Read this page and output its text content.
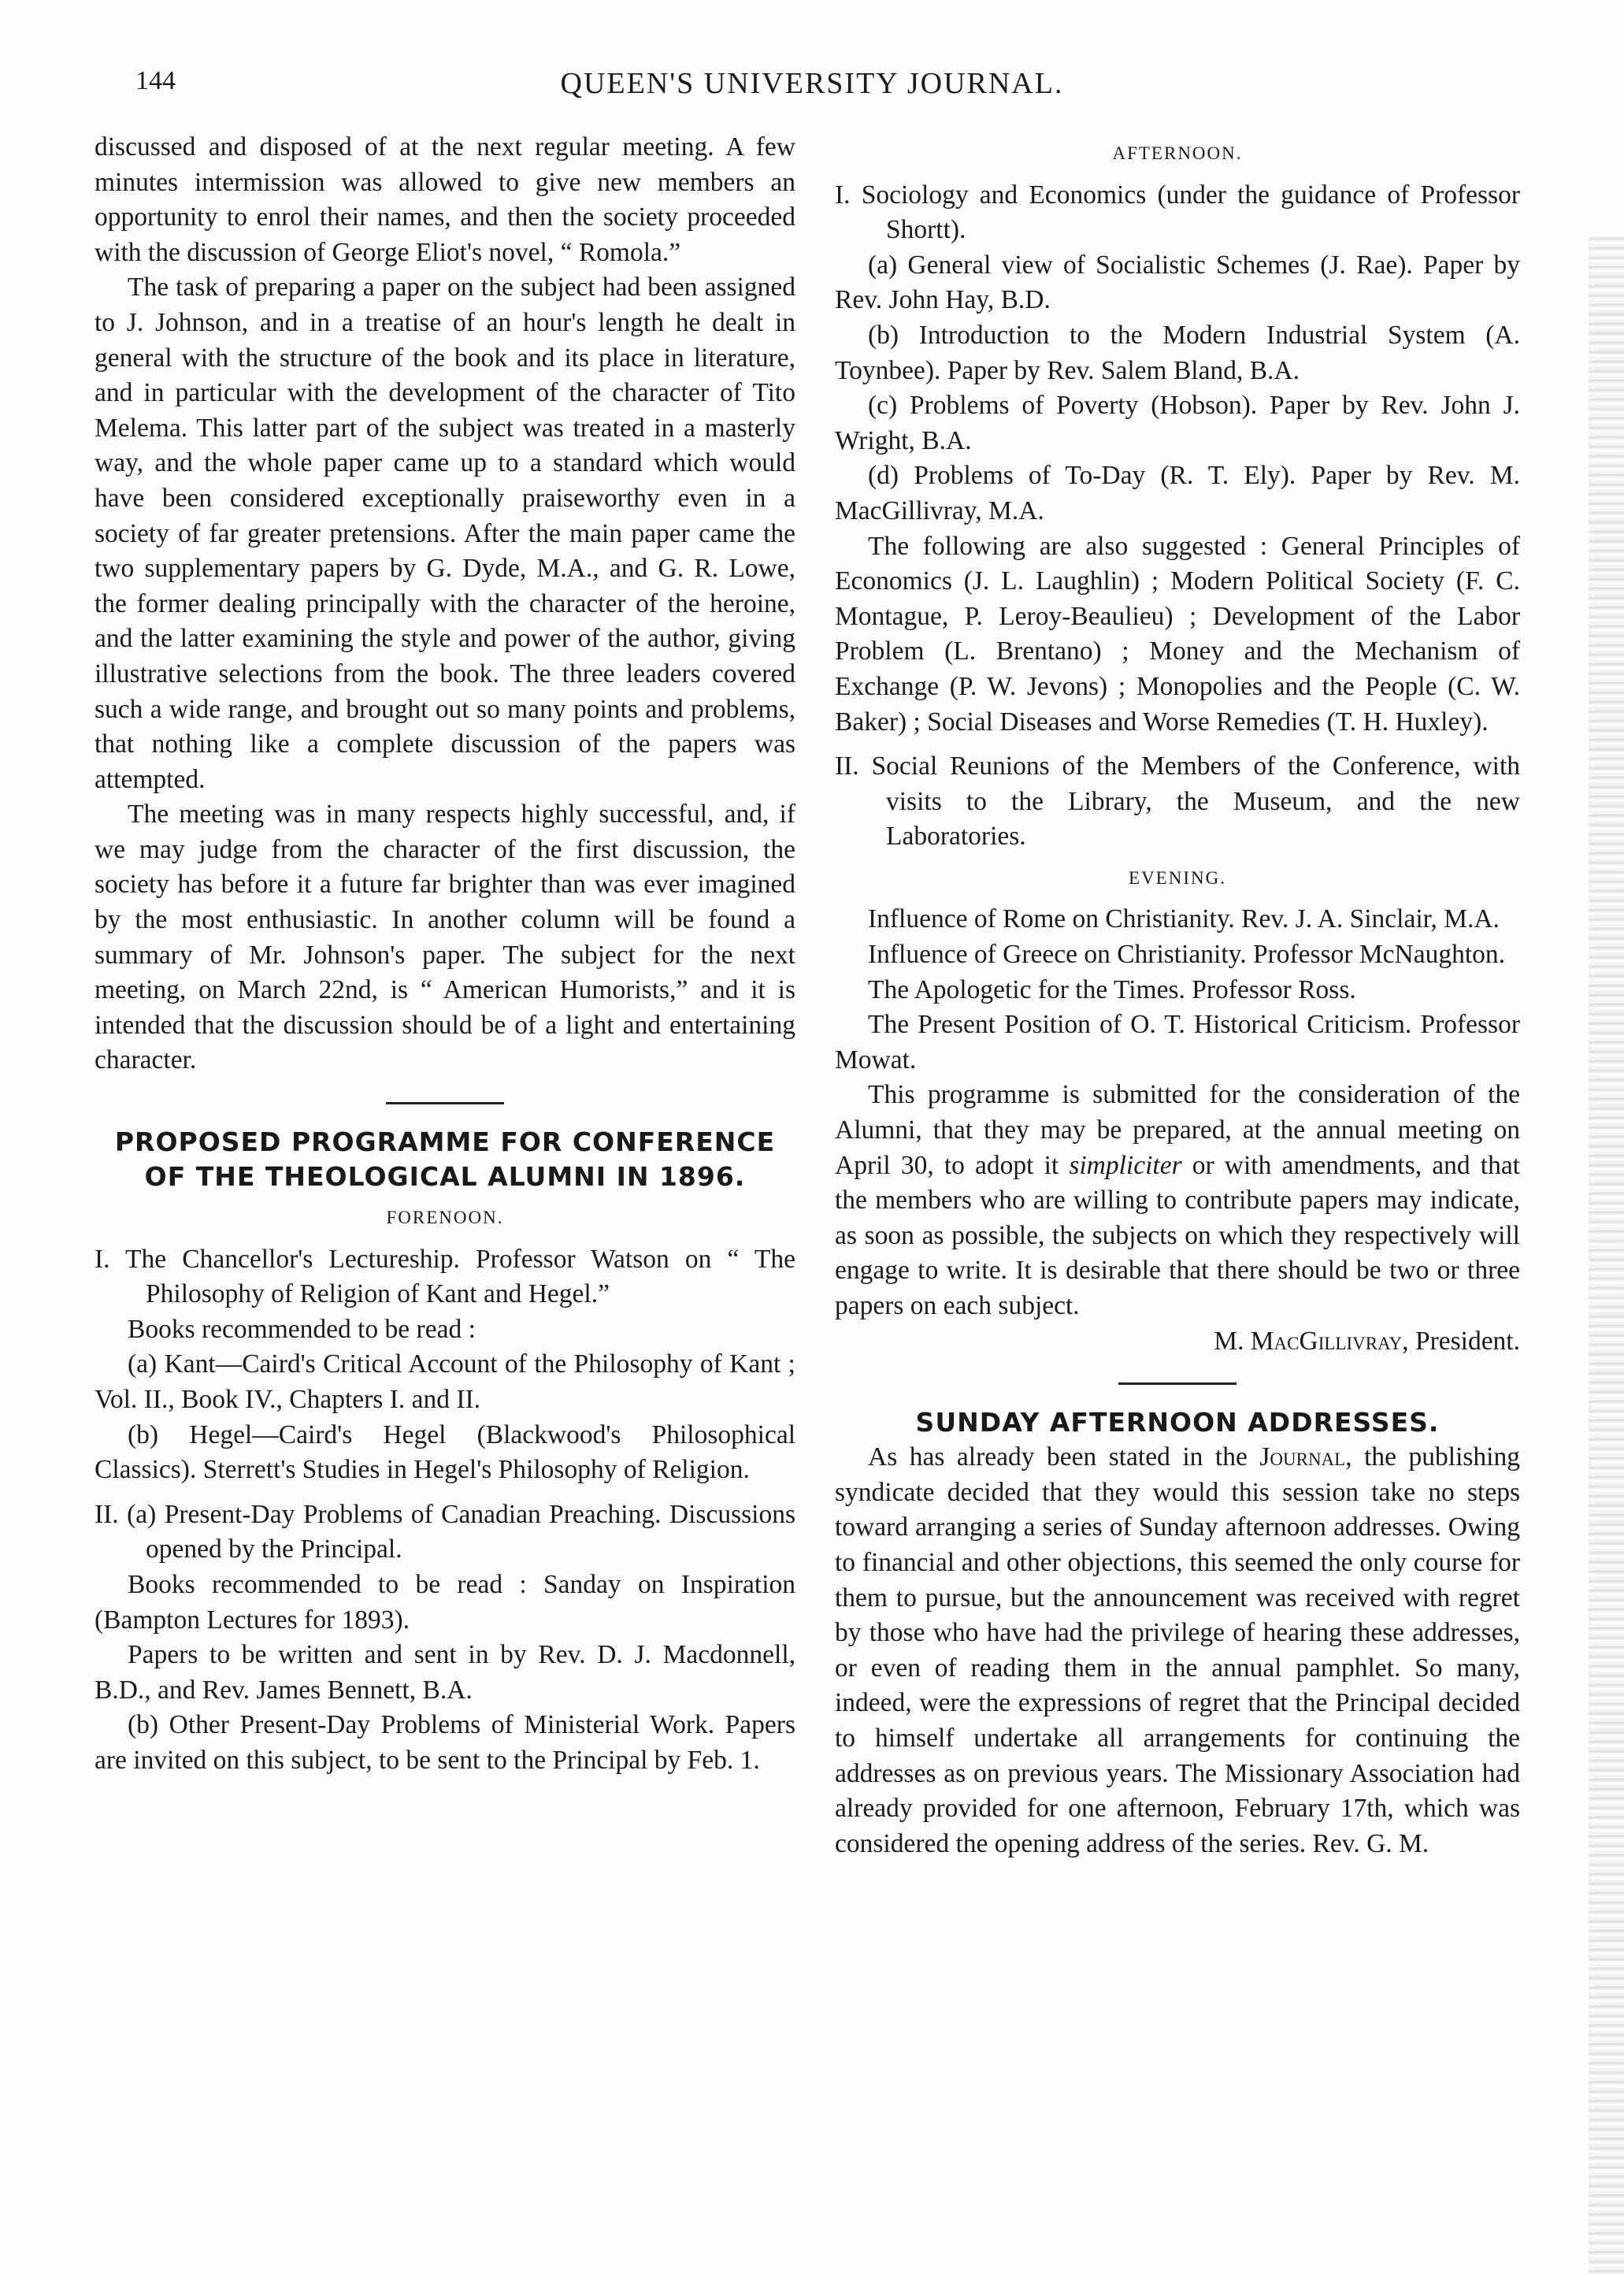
144	QUEEN'S UNIVERSITY JOURNAL.

discussed and disposed of at the next regular meeting. A few minutes intermission was allowed to give new members an opportunity to enrol their names, and then the society proceeded with the discussion of George Eliot's novel, “ Romola.”

The task of preparing a paper on the subject had been assigned to J. Johnson, and in a treatise of an hour's length he dealt in general with the structure of the book and its place in literature, and in particular with the development of the character of Tito Melema. This latter part of the subject was treated in a masterly way, and the whole paper came up to a standard which would have been considered exceptionally praiseworthy even in a society of far greater pretensions. After the main paper came the two supplementary papers by G. Dyde, M.A., and G. R. Lowe, the former dealing principally with the character of the heroine, and the latter examining the style and power of the author, giving illustrative selections from the book. The three leaders covered such a wide range, and brought out so many points and problems, that nothing like a complete discussion of the papers was attempted.

The meeting was in many respects highly successful, and, if we may judge from the character of the first discussion, the society has before it a future far brighter than was ever imagined by the most enthusiastic. In another column will be found a summary of Mr. Johnson's paper. The subject for the next meeting, on March 22nd, is “ American Humorists,” and it is intended that the discussion should be of a light and entertaining character.

PROPOSED PROGRAMME FOR CONFERENCE
OF THE THEOLOGICAL ALUMNI IN 1896.
FORENOON.

I. The Chancellor's Lectureship. Professor Watson on “ The Philosophy of Religion of Kant and Hegel.”

Books recommended to be read :

(a) Kant—Caird's Critical Account of the Philosophy of Kant ; Vol. II., Book IV., Chapters I. and II.

(b) Hegel—Caird's Hegel (Blackwood's Philosophical Classics). Sterrett's Studies in Hegel's Philosophy of Religion.

II. (a) Present-Day Problems of Canadian Preaching. Discussions opened by the Principal.

Books recommended to be read : Sanday on Inspiration (Bampton Lectures for 1893).

Papers to be written and sent in by Rev. D. J. Macdonnell, B.D., and Rev. James Bennett, B.A.

(b) Other Present-Day Problems of Ministerial Work. Papers are invited on this subject, to be sent to the Principal by Feb. 1.

AFTERNOON.

I. Sociology and Economics (under the guidance of Professor Shortt).

(a) General view of Socialistic Schemes (J. Rae). Paper by Rev. John Hay, B.D.

(b) Introduction to the Modern Industrial System (A. Toynbee). Paper by Rev. Salem Bland, B.A.

(c) Problems of Poverty (Hobson). Paper by Rev. John J. Wright, B.A.

(d) Problems of To-Day (R. T. Ely). Paper by Rev. M. MacGillivray, M.A.

The following are also suggested : General Principles of Economics (J. L. Laughlin) ; Modern Political Society (F. C. Montague, P. Leroy-Beaulieu) ; Development of the Labor Problem (L. Brentano) ; Money and the Mechanism of Exchange (P. W. Jevons) ; Monopolies and the People (C. W. Baker) ; Social Diseases and Worse Remedies (T. H. Huxley).

II. Social Reunions of the Members of the Conference, with visits to the Library, the Museum, and the new Laboratories.

EVENING.

Influence of Rome on Christianity. Rev. J. A. Sinclair, M.A.

Influence of Greece on Christianity. Professor McNaughton.

The Apologetic for the Times. Professor Ross.

The Present Position of O. T. Historical Criticism. Professor Mowat.

This programme is submitted for the consideration of the Alumni, that they may be prepared, at the annual meeting on April 30, to adopt it simpliciter or with amendments, and that the members who are willing to contribute papers may indicate, as soon as possible, the subjects on which they respectively will engage to write. It is desirable that there should be two or three papers on each subject.

M. MacGillivray, President.

SUNDAY AFTERNOON ADDRESSES.

As has already been stated in the Journal, the publishing syndicate decided that they would this session take no steps toward arranging a series of Sunday afternoon addresses. Owing to financial and other objections, this seemed the only course for them to pursue, but the announcement was received with regret by those who have had the privilege of hearing these addresses, or even of reading them in the annual pamphlet. So many, indeed, were the expressions of regret that the Principal decided to himself undertake all arrangements for continuing the addresses as on previous years. The Missionary Association had already provided for one afternoon, February 17th, which was considered the opening address of the series. Rev. G. M.
